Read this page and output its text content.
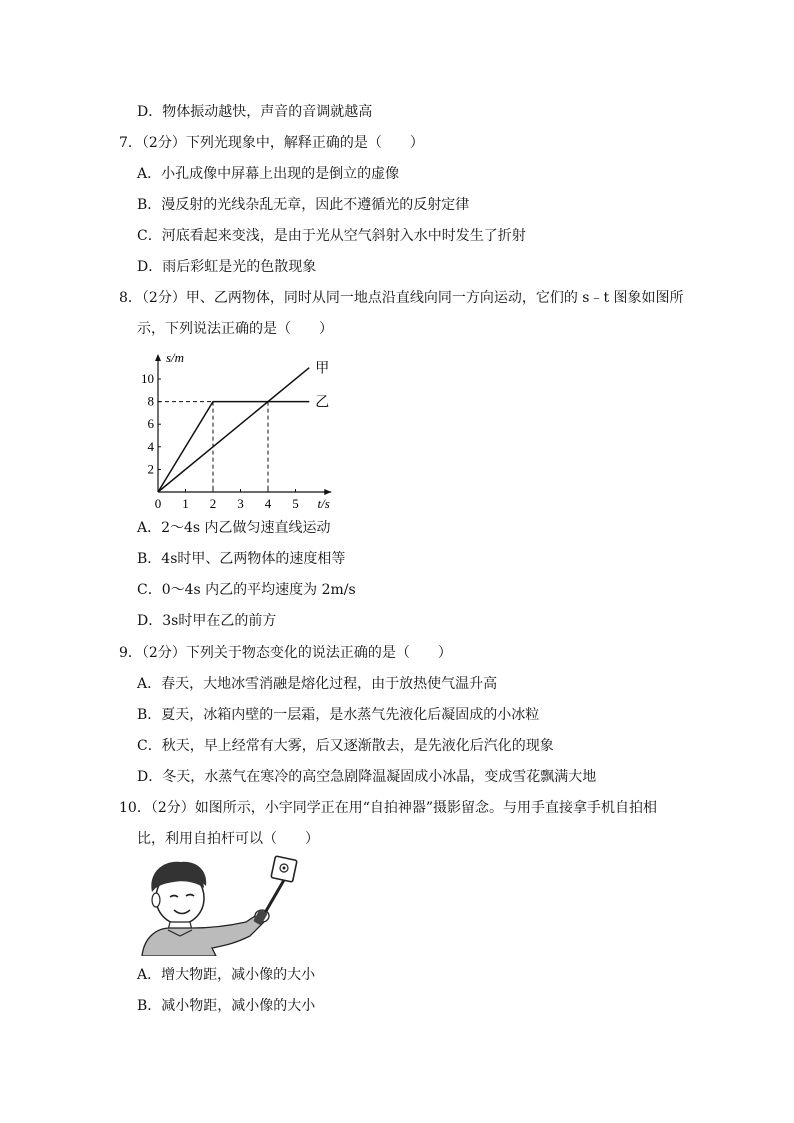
D．物体振动越快，声音的音调就越高
7．（2分）下列光现象中，解释正确的是（　　）
A．小孔成像中屏幕上出现的是倒立的虚像
B．漫反射的光线杂乱无章，因此不遵循光的反射定律
C．河底看起来变浅，是由于光从空气斜射入水中时发生了折射
D．雨后彩虹是光的色散现象
8．（2分）甲、乙两物体，同时从同一地点沿直线向同一方向运动，它们的 s﹣t 图象如图所
示，下列说法正确的是（　　）
1 2 3 4 5
2
4
6
8
10
0
s/m
t/s
甲
乙
A．2～4s 内乙做匀速直线运动
B．4s时甲、乙两物体的速度相等
C．0～4s 内乙的平均速度为 2m/s
D．3s时甲在乙的前方
9．（2分）下列关于物态变化的说法正确的是（　　）
A．春天，大地冰雪消融是熔化过程，由于放热使气温升高
B．夏天，冰箱内壁的一层霜，是水蒸气先液化后凝固成的小冰粒
C．秋天，早上经常有大雾，后又逐渐散去，是先液化后汽化的现象
D．冬天，水蒸气在寒冷的高空急剧降温凝固成小冰晶，变成雪花飘满大地
10．（2分）如图所示，小宇同学正在用“自拍神器”摄影留念。与用手直接拿手机自拍相
比，利用自拍杆可以（　　）
A．增大物距，减小像的大小
B．减小物距，减小像的大小
